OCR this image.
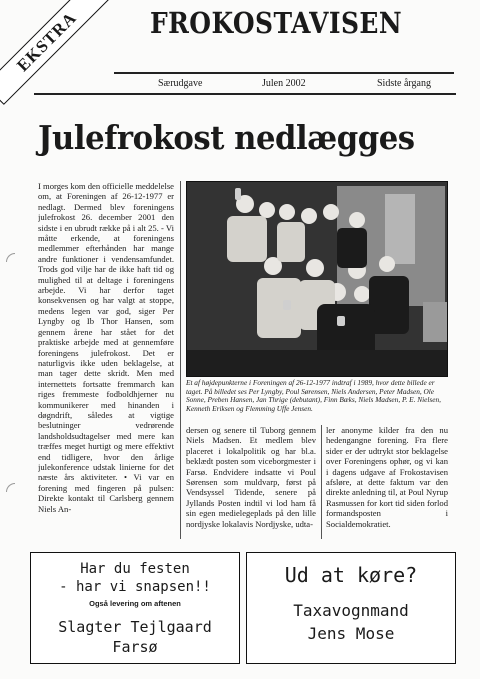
EKSTRA FROKOSTAVISEN
Særudgave	Julen 2002	Sidste årgang
Julefrokost nedlægges

I morges kom den officielle meddelelse om, at Foreningen af 26-12-1977 er nedlagt. Dermed blev foreningens julefrokost 26. december 2001 den sidste i en ubrudt række på i alt 25. - Vi måtte erkende, at foreningens medlemmer efterhånden har mange andre funktioner i vendensamfundet. Trods god vilje har de ikke haft tid og mulighed til at deltage i foreningens arbejde. Vi har derfor taget konsekvensen og har valgt at stoppe, medens legen var god, siger Per Lyngby og Ib Thor Hansen, som gennem årene har stået for det praktiske arbejde med at gennemføre foreningens julefrokost. Det er naturligvis ikke uden beklagelse, at man tager dette skridt. Men med internettets fortsatte fremmarch kan riges fremmeste fodboldhjerner nu kommunikerer med hinanden i døgndrift, således at vigtige beslutninger vedrørende landsholdsudtagelser med mere kan træffes meget hurtigt og mere effektivt end tidligere, hvor den årlige julekonference udstak linierne for det næste års aktiviteter. • Vi var en forening med fingeren på pulsen: Direkte kontakt til Carlsberg gennem Niels An-

Et af højdepunkterne i Foreningen af 26-12-1977 indtraf i 1989, hvor dette billede er taget. På billedet ses Per Lyngby, Poul Sørensen, Niels Andersen, Peter Madsen, Ole Sonne, Preben Hansen, Jan Thrige (debutant), Finn Bæks, Niels Madsen, P. E. Nielsen, Kenneth Eriksen og Flemming Uffe Jensen.

dersen og senere til Tuborg gennem Niels Madsen. Et medlem blev placeret i lokalpolitik og har bl.a. beklædt posten som viceborgmester i Farsø. Endvidere indsatte vi Poul Sørensen som muldvarp, først på Vendsyssel Tidende, senere på Jyllands Posten indtil vi lod ham få sin egen medielegeplads på den lille nordjyske lokalavis Nordjyske, udta-

ler anonyme kilder fra den nu hedengangne forening. Fra flere sider er der udtrykt stor beklagelse over Foreningens ophør, og vi kan i dagens udgave af Frokostavisen afsløre, at dette faktum var den direkte anledning til, at Poul Nyrup Rasmussen for kort tid siden forlod formandsposten i Socialdemokratiet.

Har du festen
- har vi snapsen!!
Også levering om aftenen
Slagter Tejlgaard
Farsø
Ud at køre?
Taxavognmand
Jens Mose
